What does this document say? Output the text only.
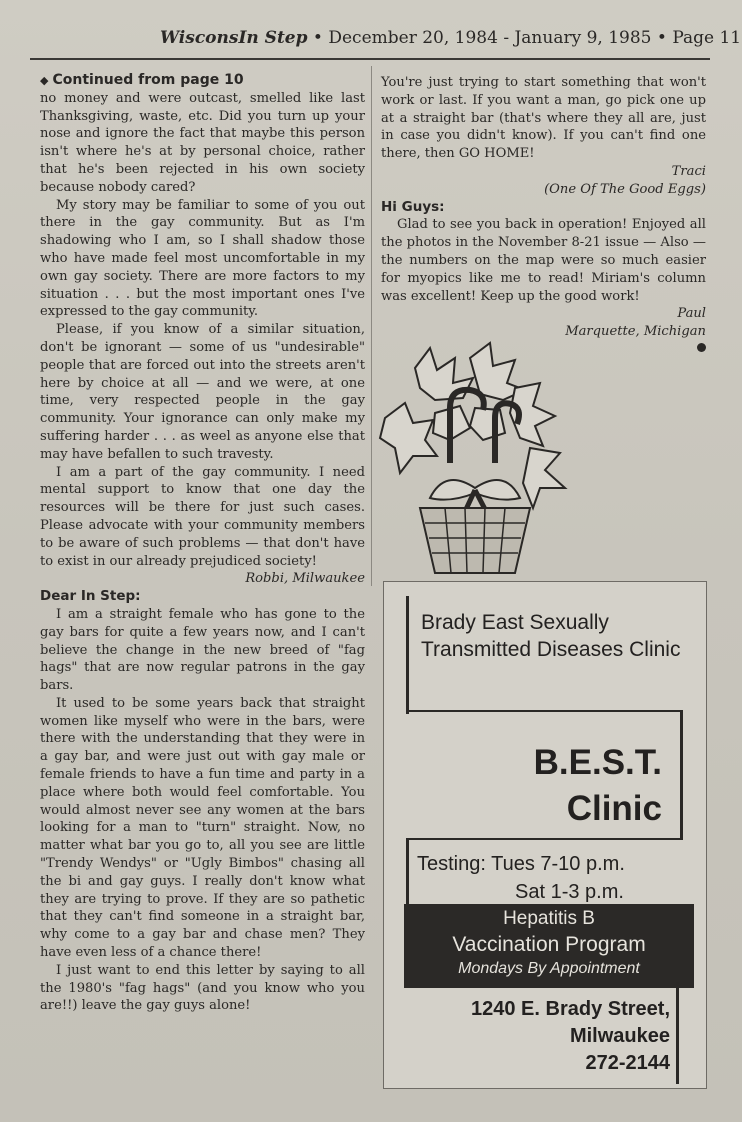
WisconsIn Step • December 20, 1984 - January 9, 1985 • Page 11

◆ Continued from page 10

no money and were outcast, smelled like last Thanksgiving, waste, etc. Did you turn up your nose and ignore the fact that maybe this person isn't where he's at by personal choice, rather that he's been rejected in his own society because nobody cared?

My story may be familiar to some of you out there in the gay community. But as I'm shadowing who I am, so I shall shadow those who have made feel most uncomfortable in my own gay society. There are more factors to my situation . . . but the most important ones I've expressed to the gay community.

Please, if you know of a similar situation, don't be ignorant — some of us "undesirable" people that are forced out into the streets aren't here by choice at all — and we were, at one time, very respected people in the gay community. Your ignorance can only make my suffering harder . . . as weel as anyone else that may have befallen to such travesty.

I am a part of the gay community. I need mental support to know that one day the resources will be there for just such cases. Please advocate with your community members to be aware of such problems — that don't have to exist in our already prejudiced society!

Robbi, Milwaukee

Dear In Step:

I am a straight female who has gone to the gay bars for quite a few years now, and I can't believe the change in the new breed of "fag hags" that are now regular patrons in the gay bars.

It used to be some years back that straight women like myself who were in the bars, were there with the understanding that they were in a gay bar, and were just out with gay male or female friends to have a fun time and party in a place where both would feel comfortable. You would almost never see any women at the bars looking for a man to "turn" straight. Now, no matter what bar you go to, all you see are little "Trendy Wendys" or "Ugly Bimbos" chasing all the bi and gay guys. I really don't know what they are trying to prove. If they are so pathetic that they can't find someone in a straight bar, why come to a gay bar and chase men? They have even less of a chance there!

I just want to end this letter by saying to all the 1980's "fag hags" (and you know who you are!!) leave the gay guys alone!

You're just trying to start something that won't work or last. If you want a man, go pick one up at a straight bar (that's where they all are, just in case you didn't know). If you can't find one there, then GO HOME!

Traci

(One Of The Good Eggs)

Hi Guys:

Glad to see you back in operation! Enjoyed all the photos in the November 8-21 issue — Also — the numbers on the map were so much easier for myopics like me to read! Miriam's column was excellent! Keep up the good work!

Paul

Marquette, Michigan

Brady East Sexually Transmitted Diseases Clinic
B.E.S.T.
Clinic
Testing: Tues 7-10 p.m.
Sat 1-3 p.m.
Hepatitis B
Vaccination Program
Mondays By Appointment
1240 E. Brady Street,
Milwaukee
272-2144
